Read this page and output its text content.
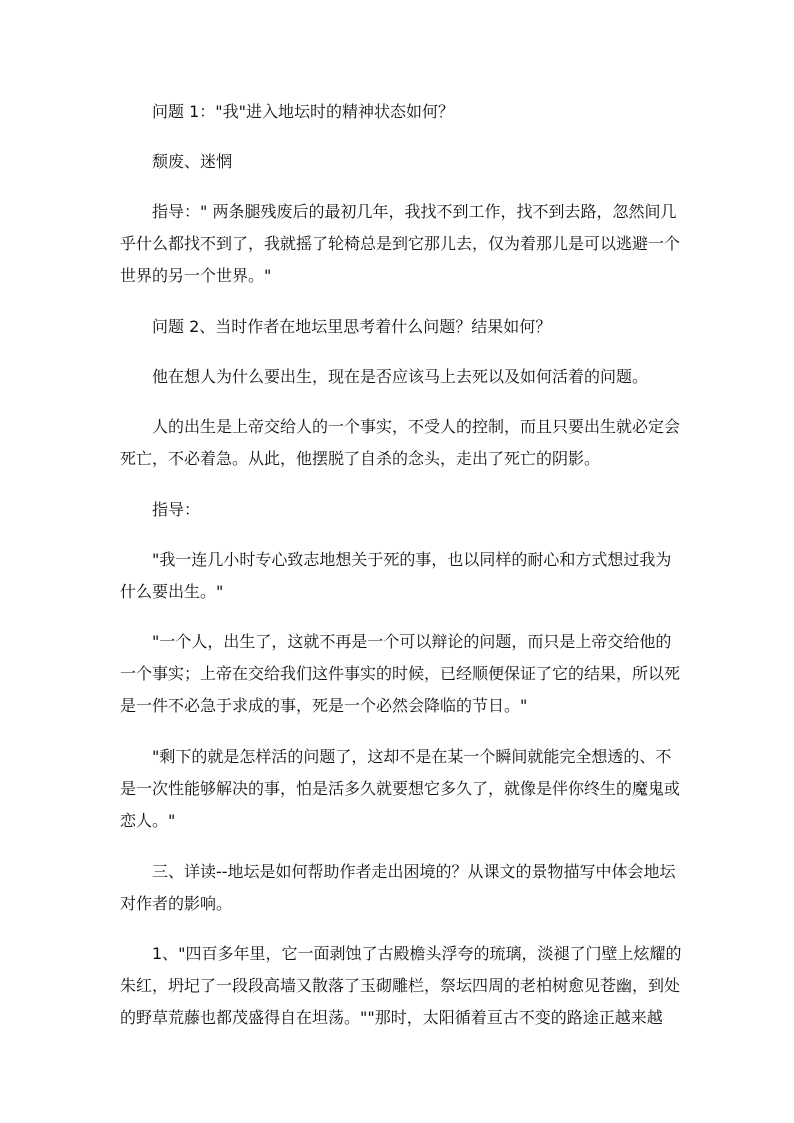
问题 1："我"进入地坛时的精神状态如何？

颓废、迷惘

指导：" 两条腿残废后的最初几年，我找不到工作，找不到去路，忽然间几乎什么都找不到了，我就摇了轮椅总是到它那儿去，仅为着那儿是可以逃避一个世界的另一个世界。"

问题 2、当时作者在地坛里思考着什么问题？结果如何？

他在想人为什么要出生，现在是否应该马上去死以及如何活着的问题。

人的出生是上帝交给人的一个事实，不受人的控制，而且只要出生就必定会死亡，不必着急。从此，他摆脱了自杀的念头，走出了死亡的阴影。

指导：

"我一连几小时专心致志地想关于死的事，也以同样的耐心和方式想过我为什么要出生。"

"一个人，出生了，这就不再是一个可以辩论的问题，而只是上帝交给他的一个事实；上帝在交给我们这件事实的时候，已经顺便保证了它的结果，所以死是一件不必急于求成的事，死是一个必然会降临的节日。"

"剩下的就是怎样活的问题了，这却不是在某一个瞬间就能完全想透的、不是一次性能够解决的事，怕是活多久就要想它多久了，就像是伴你终生的魔鬼或恋人。"

三、详读--地坛是如何帮助作者走出困境的？从课文的景物描写中体会地坛对作者的影响。

1、"四百多年里，它一面剥蚀了古殿檐头浮夸的琉璃，淡褪了门壁上炫耀的朱红，坍圮了一段段高墙又散落了玉砌雕栏，祭坛四周的老柏树愈见苍幽，到处的野草荒藤也都茂盛得自在坦荡。""那时，太阳循着亘古不变的路途正越来越
